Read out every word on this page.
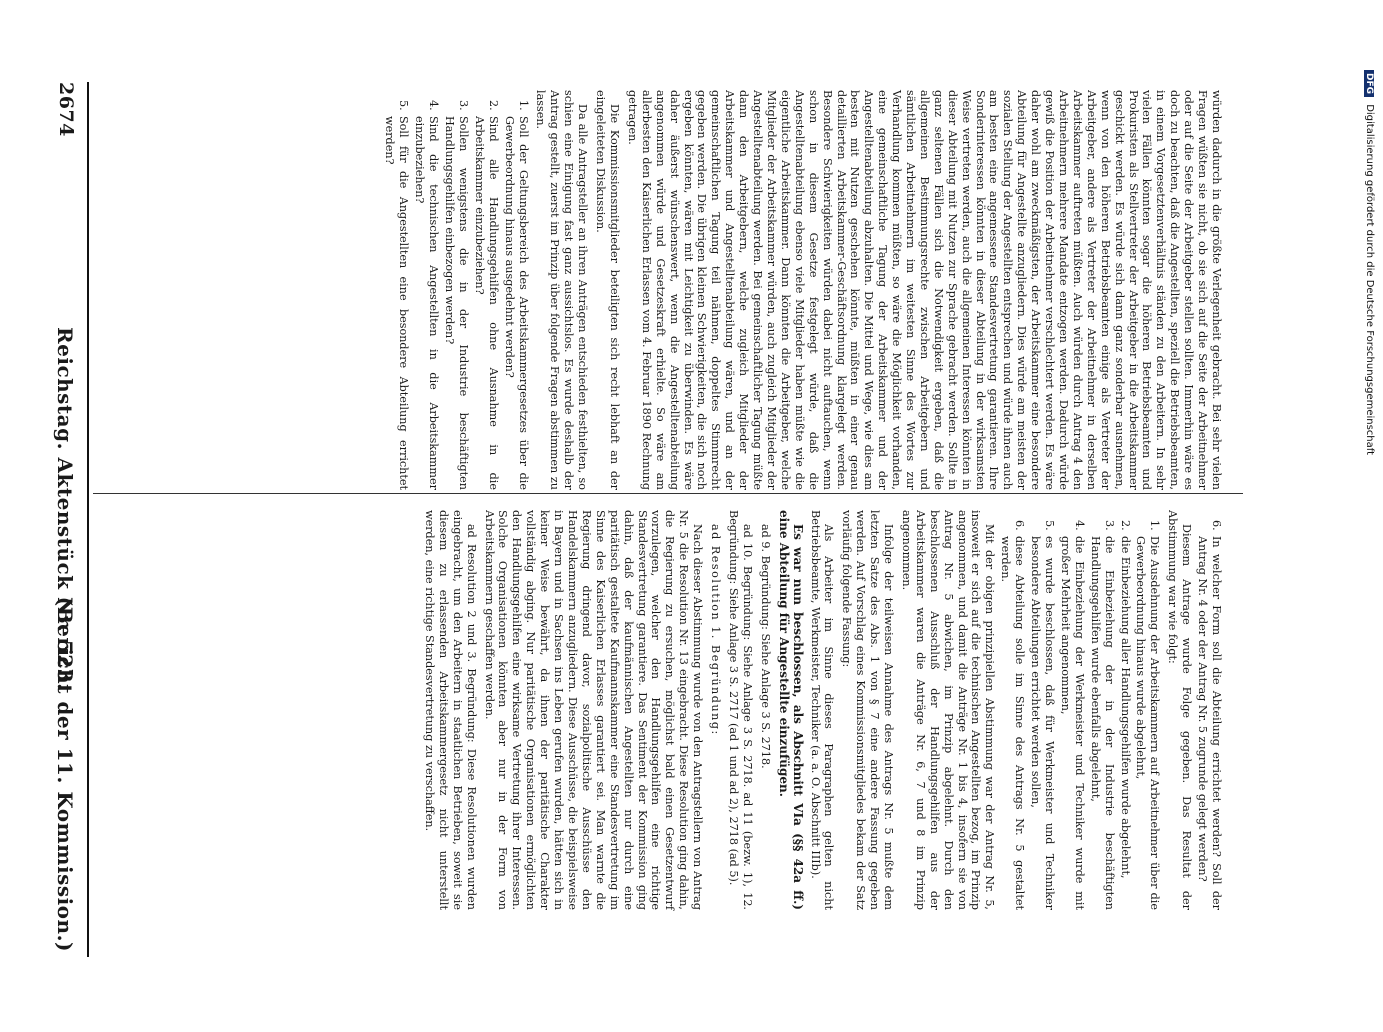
DFG Digitalisierung gefördert durch die Deutsche Forschungsgemeinschaft
2674
Reichstag. Aktenstück Nr. 523.
(Bericht der 11. Kommission.)

würden dadurch in die größte Verlegenheit gebracht. Bei sehr vielen Fragen wüßten sie nicht, ob sie sich auf die Seite der Arbeitnehmer oder auf die Seite der Arbeitgeber stellen sollten. Immerhin wäre es doch zu beachten, daß die Angestellten, speziell die Betriebsbeamten, in einem Vorgesetztenverhältnis ständen zu den Arbeitern. In sehr vielen Fällen könnten sogar die höheren Betriebsbeamten und Prokuristen als Stellvertreter der Arbeitgeber in die Arbeitskammer geschickt werden. Es würde sich dann ganz sonderbar ausnehmen, wenn von den höheren Betriebsbeamten einige als Vertreter der Arbeitgeber, andere als Vertreter der Arbeitnehmer in derselben Arbeitskammer auftreten müßten. Auch würden durch Antrag 4 den Arbeitnehmern mehrere Mandate entzogen werden. Dadurch würde gewiß die Position der Arbeitnehmer verschlechtert werden. Es wäre daher wohl am zweckmäßigsten, der Arbeitskammer eine besondere Abteilung für Angestellte anzugliedern. Dies würde am meisten der sozialen Stellung der Angestellten entsprechen und würde ihnen auch am besten eine angemessene Standesvertretung garantieren. Ihre Sonderinteressen könnten in dieser Abteilung in der wirksamsten Weise vertreten werden, auch die allgemeinen Interessen könnten in dieser Abteilung mit Nutzen zur Sprache gebracht werden. Sollte in ganz seltenen Fällen sich die Notwendigkeit ergeben, daß die allgemeinen Bestimmungsrechte zwischen Arbeitgebern und sämtlichen Arbeitnehmern im weitesten Sinne des Wortes zur Verhandlung kommen müßten, so wäre die Möglichkeit vorhanden, eine gemeinschaftliche Tagung der Arbeitskammer und der Angestelltenabteilung abzuhalten. Die Mittel und Wege, wie dies am besten mit Nutzen geschehen könnte, müßten in einer genau detaillierten Arbeitskammer-Geschäftsordnung klargelegt werden. Besondere Schwierigkeiten würden dabei nicht auftauchen, wenn schon in diesem Gesetze festgelegt würde, daß die Angestelltenabteilung ebenso viele Mitglieder haben müßte wie die eigentliche Arbeitskammer. Dann könnten die Arbeitgeber, welche Mitglieder der Arbeitskammer würden, auch zugleich Mitglieder der Angestelltenabteilung werden. Bei gemeinschaftlicher Tagung müßte dann den Arbeitgebern, welche zugleich Mitglieder der Arbeitskammer und Angestelltenabteilung wären, und an der gemeinschaftlichen Tagung teil nähmen, doppeltes Stimmrecht gegeben werden. Die übrigen kleinen Schwierigkeiten, die sich noch ergeben könnten, wären mit Leichtigkeit zu überwinden. Es wäre daher äußerst wünschenswert, wenn die Angestelltenabteilung angenommen würde und Gesetzeskraft erhielte. So wäre am allerbesten den Kaiserlichen Erlassen vom 4. Februar 1890 Rechnung getragen.

Die Kommissionsmitglieder beteiligten sich recht lebhaft an der eingeleiteten Diskussion.

Da alle Antragsteller an ihren Anträgen entschieden festhielten, so schien eine Einigung fast ganz aussichtslos. Es wurde deshalb der Antrag gestellt, zuerst im Prinzip über folgende Fragen abstimmen zu lassen.

1.Soll der Geltungsbereich des Arbeitskammergesetzes über die Gewerbeordnung hinaus ausgedehnt werden?
2.Sind alle Handlungsgehilfen ohne Ausnahme in die Arbeitskammer einzubeziehen?
3.Sollen wenigstens die in der Industrie beschäftigten Handlungsgehilfen einbezogen werden?
4.Sind die technischen Angestellten in die Arbeitskammer einzubeziehen?
5.Soll für die Angestellten eine besondere Abteilung errichtet werden?
6.In welcher Form soll die Abteilung errichtet werden? Soll der Antrag Nr. 4 oder der Antrag Nr. 5 zugrunde gelegt werden?

Diesem Antrage wurde Folge gegeben. Das Resultat der Abstimmung war wie folgt:

1.Die Ausdehnung der Arbeitskammern auf Arbeitnehmer über die Gewerbeordnung hinaus wurde abgelehnt,
2.die Einbeziehung aller Handlungsgehilfen wurde abgelehnt,
3.die Einbeziehung der in der Industrie beschäftigten Handlungsgehilfen wurde ebenfalls abgelehnt,
4.die Einbeziehung der Werkmeister und Techniker wurde mit großer Mehrheit angenommen,
5.es wurde beschlossen, daß für Werkmeister und Techniker besondere Abteilungen errichtet werden sollen,
6.diese Abteilung solle im Sinne des Antrags Nr. 5 gestaltet werden.

Mit der obigen prinzipiellen Abstimmung war der Antrag Nr. 5, insoweit er sich auf die technischen Angestellten bezog, im Prinzip angenommen, und damit die Anträge Nr. 1 bis 4, insofern sie von Antrag Nr. 5 abwichen, im Prinzip abgelehnt. Durch den beschlossenen Ausschluß der Handlungsgehilfen aus der Arbeitskammer waren die Anträge Nr. 6, 7 und 8 im Prinzip angenommen.

Infolge der teilweisen Annahme des Antrags Nr. 5 mußte dem letzten Satze des Abs. 1 von § 7 eine andere Fassung gegeben werden. Auf Vorschlag eines Kommissionsmitgliedes bekam der Satz vorläufig folgende Fassung:

Als Arbeiter im Sinne dieses Paragraphen gelten nicht Betriebsbeamte, Werkmeister, Techniker (a. a. O. Abschnitt IIIb).

Es war nun beschlossen, als Abschnitt VIa (§§ 42a ff.) eine Abteilung für Angestellte einzufügen.

ad 9. Begründung: Siehe Anlage 3 S. 2718.

ad 10. Begründung: Siehe Anlage 3 S. 2718. ad 11 (bezw. 1), 12. Begründung: Siehe Anlage 3 S. 2717 (ad 1 und ad 2), 2718 (ad 5).

ad Resolution 1. Begründung:

Nach dieser Abstimmung wurde von den Antragstellern von Antrag Nr. 5 die Resolution Nr. 13 eingebracht. Diese Resolution ging dahin, die Regierung zu ersuchen, möglichst bald einen Gesetzentwurf vorzulegen, welcher den Handlungsgehilfen eine richtige Standesvertretung garantiere. Das Sentiment der Kommission ging dahin, daß der kaufmännischen Angestellten nur durch eine paritätisch gestaltete Kaufmannskammer eine Standesvertretung im Sinne des Kaiserlichen Erlasses garantiert sei. Man warnte die Regierung dringend davor, sozialpolitische Ausschüsse den Handelskammern anzugliedern. Diese Ausschüsse, die beispielsweise in Bayern und in Sachsen ins Leben gerufen wurden, hätten sich in keiner Weise bewährt, da ihnen der paritätische Charakter vollständig abging. Nur paritätische Organisationen ermöglichten den Handlungsgehilfen eine wirksame Vertretung ihrer Interessen. Solche Organisationen könnten aber nur in der Form von Arbeitskammern geschaffen werden.

ad Resolution 2 und 3. Begründung: Diese Resolutionen wurden eingebracht, um den Arbeitern in staatlichen Betrieben, soweit sie diesem zu erlassenden Arbeitskammergesetz nicht unterstellt werden, eine richtige Standesvertretung zu verschaffen.
